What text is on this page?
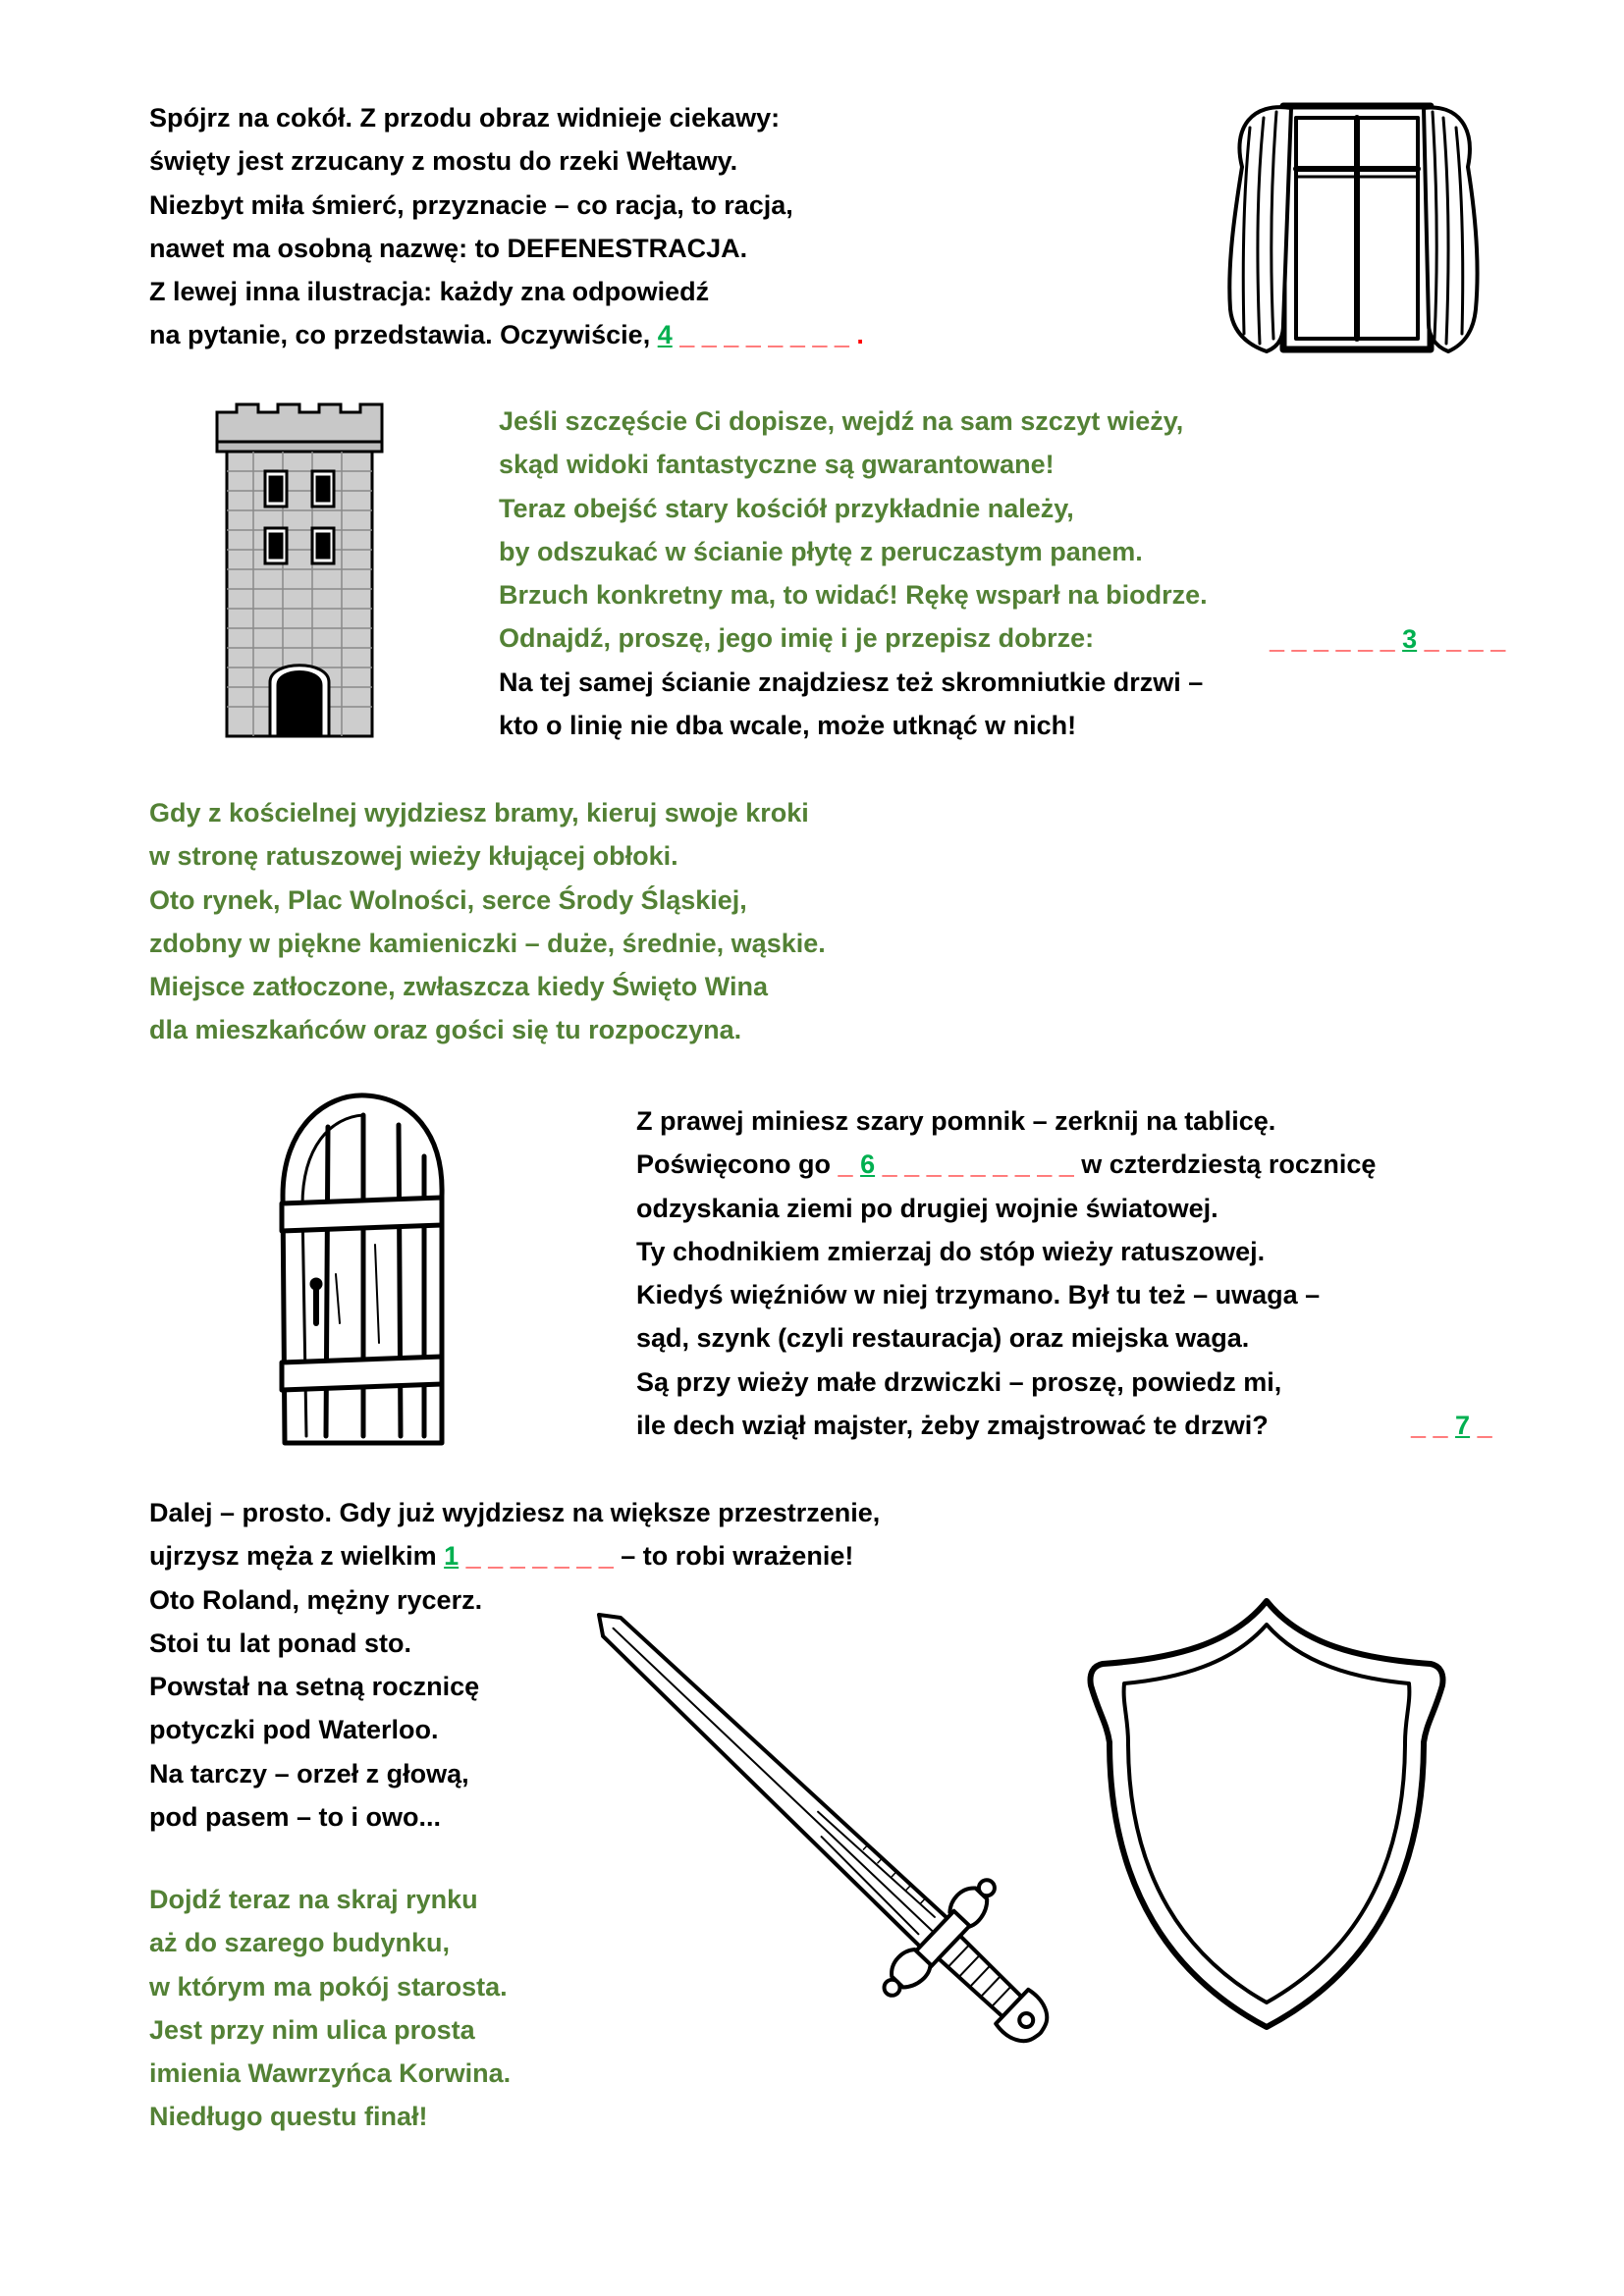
Spójrz na cokół. Z przodu obraz widnieje ciekawy:

święty jest zrzucany z mostu do rzeki Wełtawy.

Niezbyt miła śmierć, przyznacie – co racja, to racja,

nawet ma osobną nazwę: to DEFENESTRACJA.

Z lewej inna ilustracja: każdy zna odpowiedź

na pytanie, co przedstawia. Oczywiście, 4 _ _ _ _ _ _ _ _ .

Jeśli szczęście Ci dopisze, wejdź na sam szczyt wieży,

skąd widoki fantastyczne są gwarantowane!

Teraz obejść stary kościół przykładnie należy,

by odszukać w ścianie płytę z peruczastym panem.

Brzuch konkretny ma, to widać! Rękę wsparł na biodrze.

Odnajdź, proszę, jego imię i je przepisz dobrze:

Na tej samej ścianie znajdziesz też skromniutkie drzwi –

kto o linię nie dba wcale, może utknąć w nich!

_ _ _ _ _ _ 3 _ _ _ _

Gdy z kościelnej wyjdziesz bramy, kieruj swoje kroki

w stronę ratuszowej wieży kłującej obłoki.

Oto rynek, Plac Wolności, serce Środy Śląskiej,

zdobny w piękne kamieniczki – duże, średnie, wąskie.

Miejsce zatłoczone, zwłaszcza kiedy Święto Wina

dla mieszkańców oraz gości się tu rozpoczyna.

Z prawej miniesz szary pomnik – zerknij na tablicę.

Poświęcono go _ 6 _ _ _ _ _ _ _ _ _ w czterdziestą rocznicę

odzyskania ziemi po drugiej wojnie światowej.

Ty chodnikiem zmierzaj do stóp wieży ratuszowej.

Kiedyś więźniów w niej trzymano. Był tu też – uwaga –

sąd, szynk (czyli restauracja) oraz miejska waga.

Są przy wieży małe drzwiczki – proszę, powiedz mi,

ile dech wziął majster, żeby zmajstrować te drzwi?	_ _ 7 _

Dalej – prosto. Gdy już wyjdziesz na większe przestrzenie,

ujrzysz męża z wielkim 1 _ _ _ _ _ _ _ – to robi wrażenie!

Oto Roland, mężny rycerz.

Stoi tu lat ponad sto.

Powstał na setną rocznicę

potyczki pod Waterloo.

Na tarczy – orzeł z głową,

pod pasem – to i owo...

Dojdź teraz na skraj rynku

aż do szarego budynku,

w którym ma pokój starosta.

Jest przy nim ulica prosta

imienia Wawrzyńca Korwina.

Niedługo questu finał!
